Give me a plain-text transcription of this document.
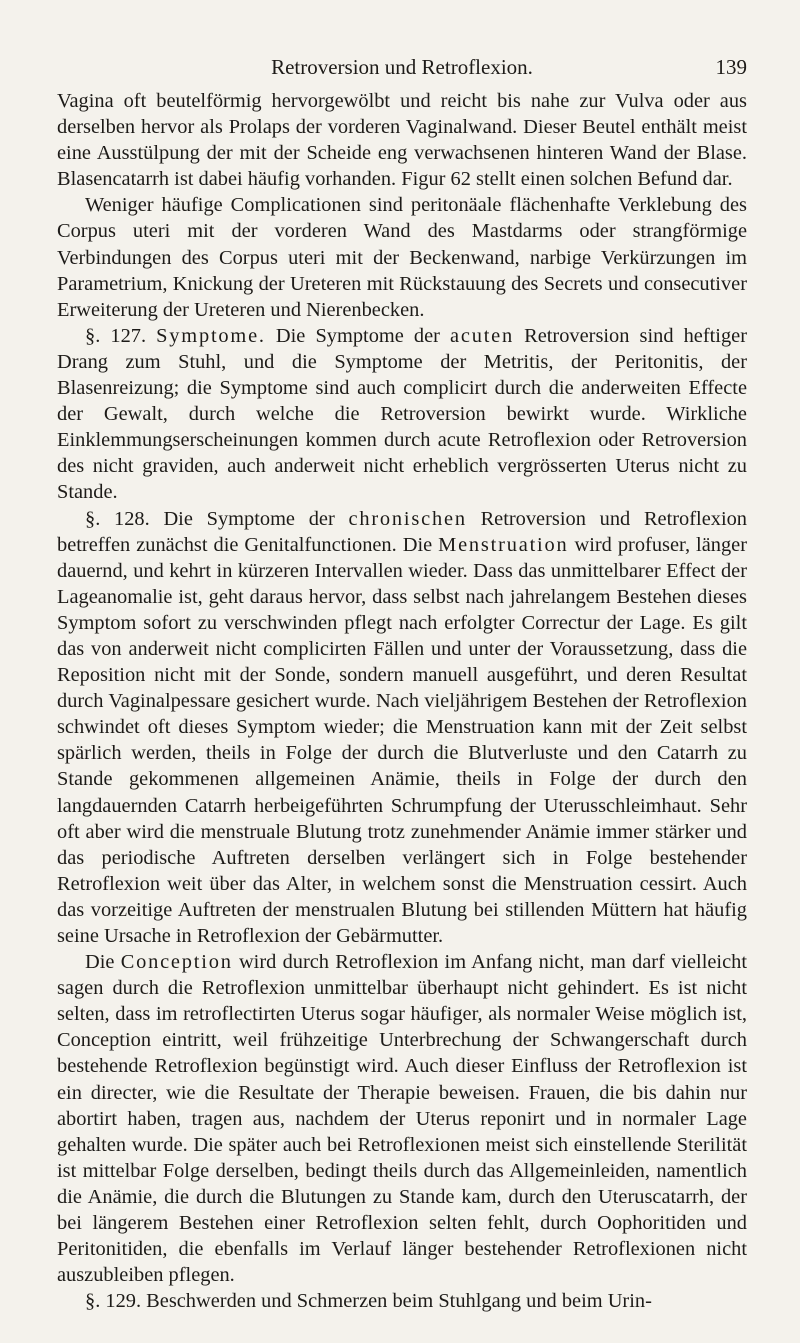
Retroversion und Retroflexion.	139

Vagina oft beutelförmig hervorgewölbt und reicht bis nahe zur Vulva oder aus derselben hervor als Prolaps der vorderen Vaginalwand. Dieser Beutel enthält meist eine Ausstülpung der mit der Scheide eng verwachsenen hinteren Wand der Blase. Blasencatarrh ist dabei häufig vorhanden. Figur 62 stellt einen solchen Befund dar.

Weniger häufige Complicationen sind peritonäale flächenhafte Verklebung des Corpus uteri mit der vorderen Wand des Mastdarms oder strangförmige Verbindungen des Corpus uteri mit der Beckenwand, narbige Verkürzungen im Parametrium, Knickung der Ureteren mit Rückstauung des Secrets und consecutiver Erweiterung der Ureteren und Nierenbecken.

§. 127. Symptome. Die Symptome der acuten Retroversion sind heftiger Drang zum Stuhl, und die Symptome der Metritis, der Peritonitis, der Blasenreizung; die Symptome sind auch complicirt durch die anderweiten Effecte der Gewalt, durch welche die Retroversion bewirkt wurde. Wirkliche Einklemmungserscheinungen kommen durch acute Retroflexion oder Retroversion des nicht graviden, auch anderweit nicht erheblich vergrösserten Uterus nicht zu Stande.

§. 128. Die Symptome der chronischen Retroversion und Retroflexion betreffen zunächst die Genitalfunctionen. Die Menstruation wird profuser, länger dauernd, und kehrt in kürzeren Intervallen wieder. Dass das unmittelbarer Effect der Lageanomalie ist, geht daraus hervor, dass selbst nach jahrelangem Bestehen dieses Symptom sofort zu verschwinden pflegt nach erfolgter Correctur der Lage. Es gilt das von anderweit nicht complicirten Fällen und unter der Voraussetzung, dass die Reposition nicht mit der Sonde, sondern manuell ausgeführt, und deren Resultat durch Vaginalpessare gesichert wurde. Nach vieljährigem Bestehen der Retroflexion schwindet oft dieses Symptom wieder; die Menstruation kann mit der Zeit selbst spärlich werden, theils in Folge der durch die Blutverluste und den Catarrh zu Stande gekommenen allgemeinen Anämie, theils in Folge der durch den langdauernden Catarrh herbeigeführten Schrumpfung der Uterusschleimhaut. Sehr oft aber wird die menstruale Blutung trotz zunehmender Anämie immer stärker und das periodische Auftreten derselben verlängert sich in Folge bestehender Retroflexion weit über das Alter, in welchem sonst die Menstruation cessirt. Auch das vorzeitige Auftreten der menstrualen Blutung bei stillenden Müttern hat häufig seine Ursache in Retroflexion der Gebärmutter.

Die Conception wird durch Retroflexion im Anfang nicht, man darf vielleicht sagen durch die Retroflexion unmittelbar überhaupt nicht gehindert. Es ist nicht selten, dass im retroflectirten Uterus sogar häufiger, als normaler Weise möglich ist, Conception eintritt, weil frühzeitige Unterbrechung der Schwangerschaft durch bestehende Retroflexion begünstigt wird. Auch dieser Einfluss der Retroflexion ist ein directer, wie die Resultate der Therapie beweisen. Frauen, die bis dahin nur abortirt haben, tragen aus, nachdem der Uterus reponirt und in normaler Lage gehalten wurde. Die später auch bei Retroflexionen meist sich einstellende Sterilität ist mittelbar Folge derselben, bedingt theils durch das Allgemeinleiden, namentlich die Anämie, die durch die Blutungen zu Stande kam, durch den Uteruscatarrh, der bei längerem Bestehen einer Retroflexion selten fehlt, durch Oophoritiden und Peritonitiden, die ebenfalls im Verlauf länger bestehender Retroflexionen nicht auszubleiben pflegen.

§. 129. Beschwerden und Schmerzen beim Stuhlgang und beim Urin-
